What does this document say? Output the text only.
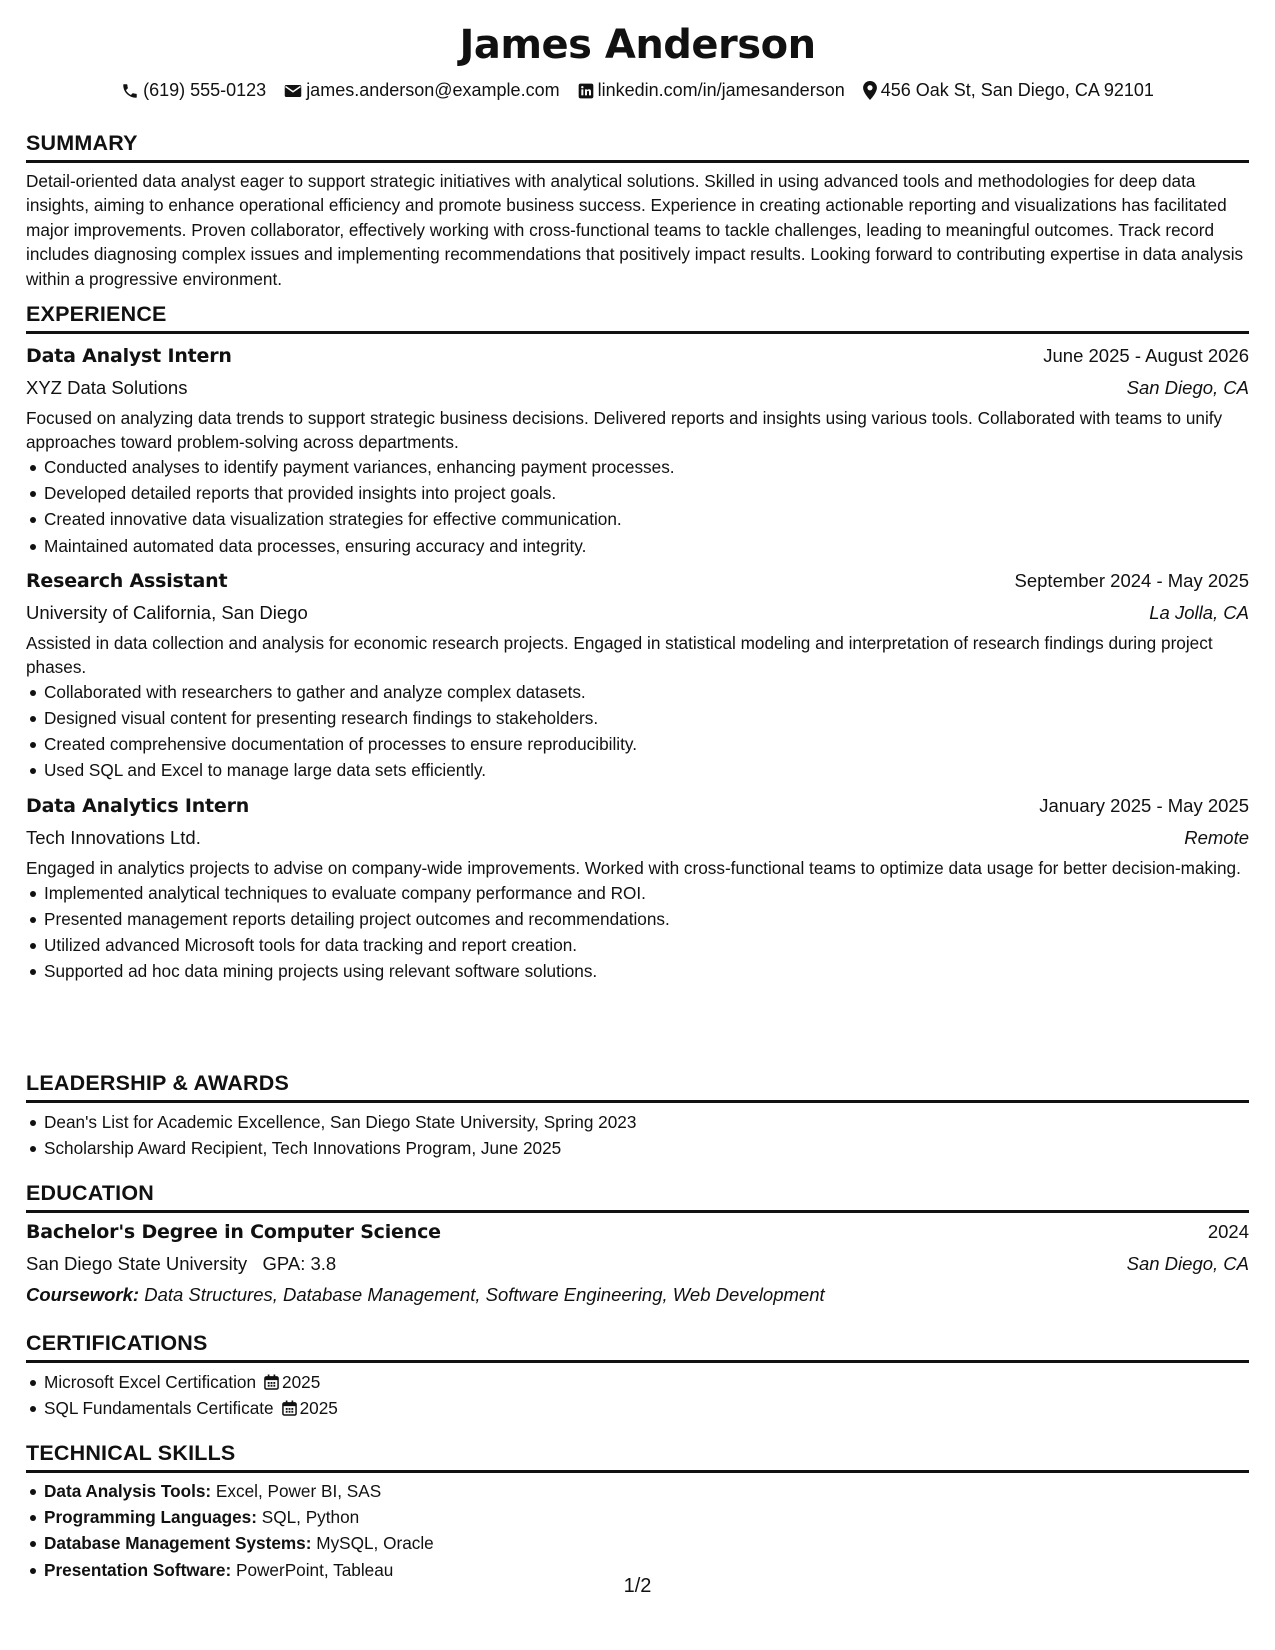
James Anderson
(619) 555-0123 james.anderson@example.com linkedin.com/in/jamesanderson 456 Oak St, San Diego, CA 92101
SUMMARY
Detail-oriented data analyst eager to support strategic initiatives with analytical solutions. Skilled in using advanced tools and methodologies for deep data insights, aiming to enhance operational efficiency and promote business success. Experience in creating actionable reporting and visualizations has facilitated major improvements. Proven collaborator, effectively working with cross-functional teams to tackle challenges, leading to meaningful outcomes. Track record includes diagnosing complex issues and implementing recommendations that positively impact results. Looking forward to contributing expertise in data analysis within a progressive environment.
EXPERIENCE
Data Analyst Intern	June 2025 - August 2026
XYZ Data Solutions	San Diego, CA
Focused on analyzing data trends to support strategic business decisions. Delivered reports and insights using various tools. Collaborated with teams to unify approaches toward problem-solving across departments.
Conducted analyses to identify payment variances, enhancing payment processes.
Developed detailed reports that provided insights into project goals.
Created innovative data visualization strategies for effective communication.
Maintained automated data processes, ensuring accuracy and integrity.
Research Assistant	September 2024 - May 2025
University of California, San Diego	La Jolla, CA
Assisted in data collection and analysis for economic research projects. Engaged in statistical modeling and interpretation of research findings during project phases.
Collaborated with researchers to gather and analyze complex datasets.
Designed visual content for presenting research findings to stakeholders.
Created comprehensive documentation of processes to ensure reproducibility.
Used SQL and Excel to manage large data sets efficiently.
Data Analytics Intern	January 2025 - May 2025
Tech Innovations Ltd.	Remote
Engaged in analytics projects to advise on company-wide improvements. Worked with cross-functional teams to optimize data usage for better decision-making.
Implemented analytical techniques to evaluate company performance and ROI.
Presented management reports detailing project outcomes and recommendations.
Utilized advanced Microsoft tools for data tracking and report creation.
Supported ad hoc data mining projects using relevant software solutions.
LEADERSHIP & AWARDS
Dean's List for Academic Excellence, San Diego State University, Spring 2023
Scholarship Award Recipient, Tech Innovations Program, June 2025
EDUCATION
Bachelor's Degree in Computer Science	2024
San Diego State University GPA: 3.8	San Diego, CA
Coursework: Data Structures, Database Management, Software Engineering, Web Development
CERTIFICATIONS
Microsoft Excel Certification 2025
SQL Fundamentals Certificate 2025
TECHNICAL SKILLS
Data Analysis Tools: Excel, Power BI, SAS
Programming Languages: SQL, Python
Database Management Systems: MySQL, Oracle
Presentation Software: PowerPoint, Tableau
1/2
